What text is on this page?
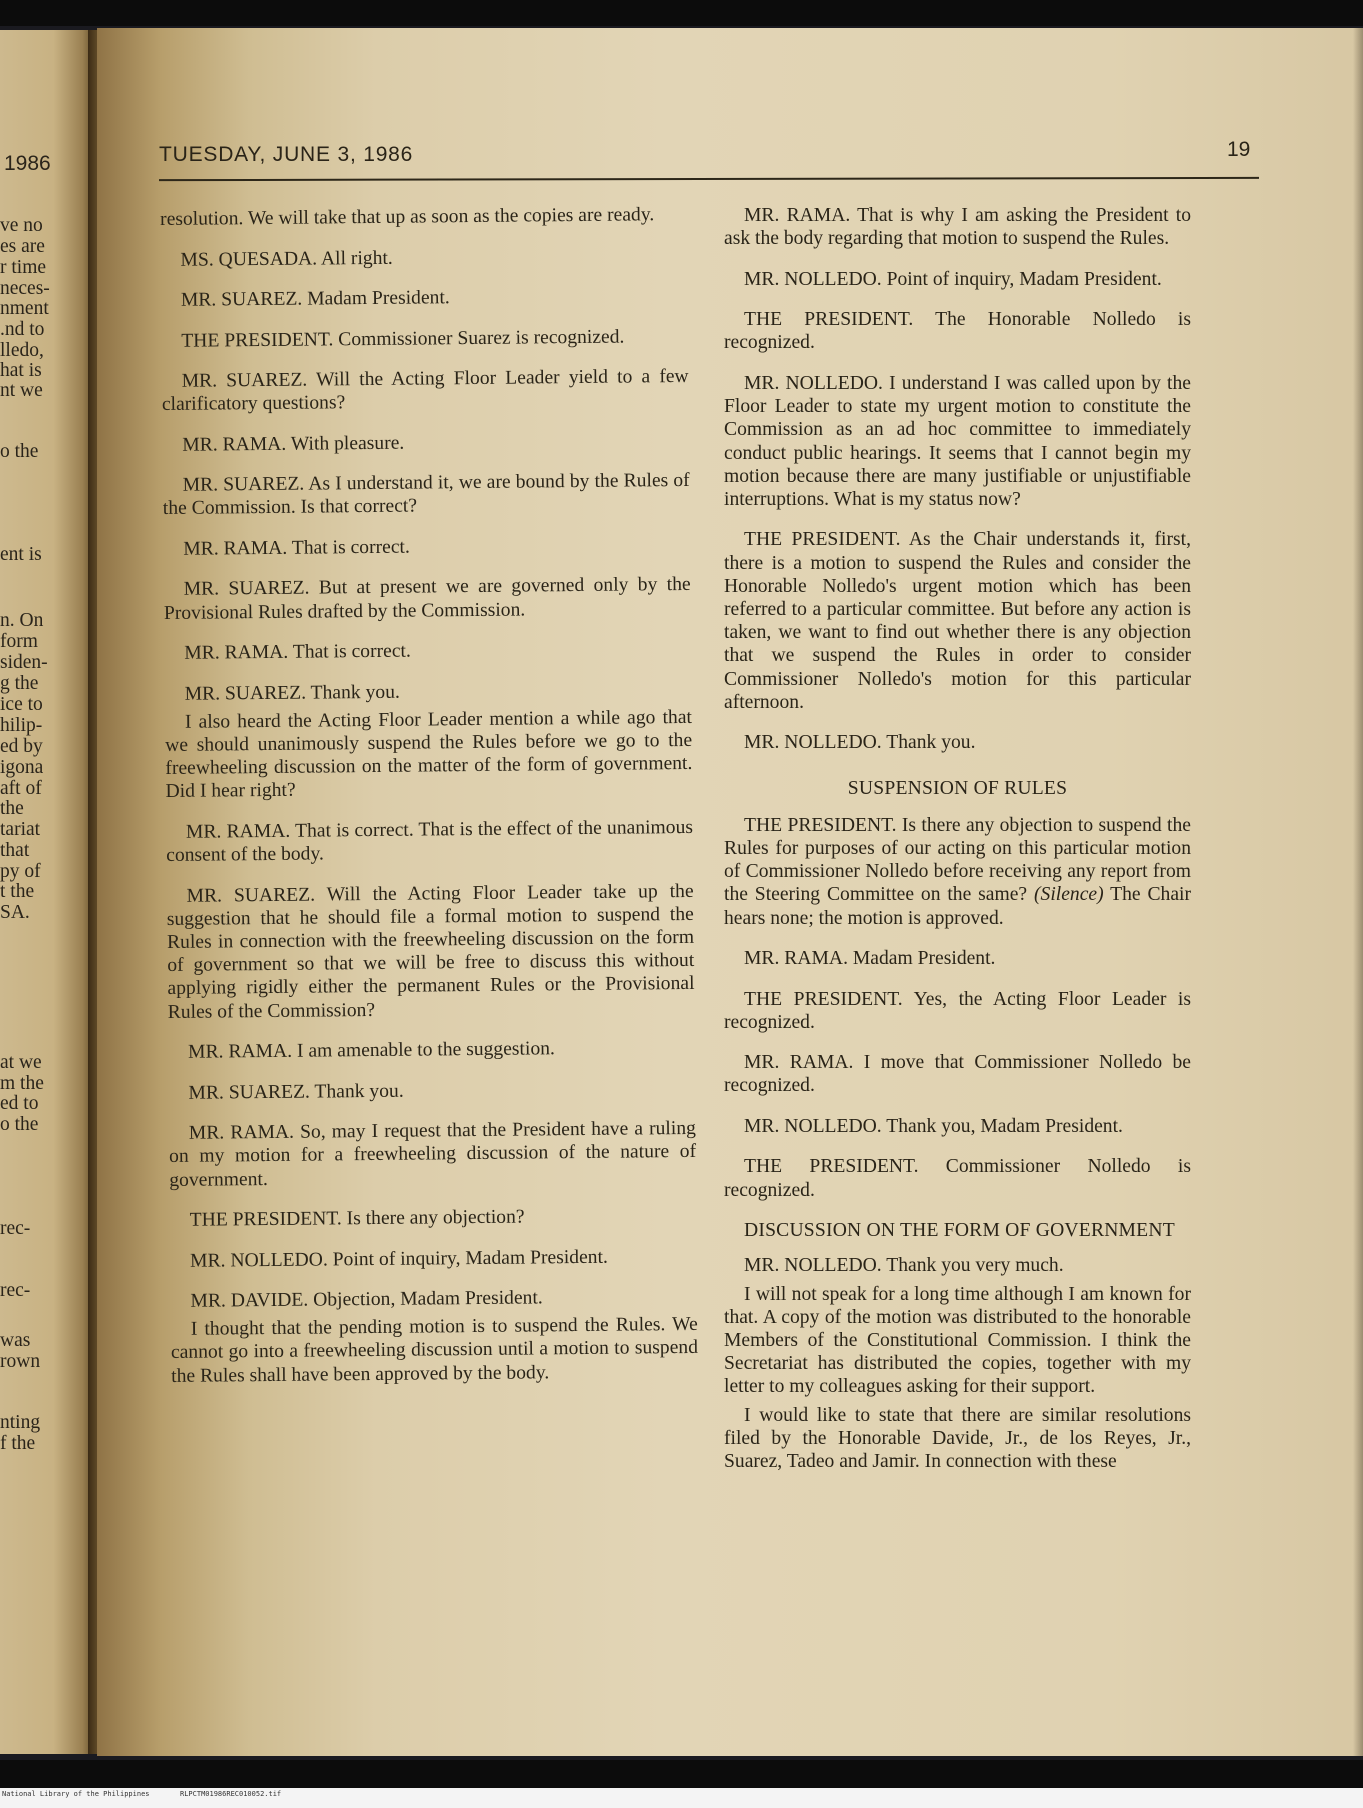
1986
ve no
es are
r time
neces-
nment
.nd to
lledo,
hat is
nt we
o the
ent is
n. On
form
siden-
g the
ice to
hilip-
ed by
igona
aft of
the
tariat
that
py of
t the
SA.
at we
m the
ed to
o the
rec-
rec-
was
rown
nting
f the
TUESDAY, JUNE 3, 1986	19

resolution. We will take that up as soon as the copies are ready.

MS. QUESADA. All right.

MR. SUAREZ. Madam President.

THE PRESIDENT. Commissioner Suarez is recognized.

MR. SUAREZ. Will the Acting Floor Leader yield to a few clarificatory questions?

MR. RAMA. With pleasure.

MR. SUAREZ. As I understand it, we are bound by the Rules of the Commission. Is that correct?

MR. RAMA. That is correct.

MR. SUAREZ. But at present we are governed only by the Provisional Rules drafted by the Commission.

MR. RAMA. That is correct.

MR. SUAREZ. Thank you.

I also heard the Acting Floor Leader mention a while ago that we should unanimously suspend the Rules before we go to the freewheeling discussion on the matter of the form of government. Did I hear right?

MR. RAMA. That is correct. That is the effect of the unanimous consent of the body.

MR. SUAREZ. Will the Acting Floor Leader take up the suggestion that he should file a formal motion to suspend the Rules in connection with the freewheeling discussion on the form of government so that we will be free to discuss this without applying rigidly either the permanent Rules or the Provisional Rules of the Commission?

MR. RAMA. I am amenable to the suggestion.

MR. SUAREZ. Thank you.

MR. RAMA. So, may I request that the President have a ruling on my motion for a freewheeling discussion of the nature of government.

THE PRESIDENT. Is there any objection?

MR. NOLLEDO. Point of inquiry, Madam President.

MR. DAVIDE. Objection, Madam President.

I thought that the pending motion is to suspend the Rules. We cannot go into a freewheeling discussion until a motion to suspend the Rules shall have been approved by the body.

MR. RAMA. That is why I am asking the President to ask the body regarding that motion to suspend the Rules.

MR. NOLLEDO. Point of inquiry, Madam President.

THE PRESIDENT. The Honorable Nolledo is recognized.

MR. NOLLEDO. I understand I was called upon by the Floor Leader to state my urgent motion to constitute the Commission as an ad hoc committee to immediately conduct public hearings. It seems that I cannot begin my motion because there are many justifiable or unjustifiable interruptions. What is my status now?

THE PRESIDENT. As the Chair understands it, first, there is a motion to suspend the Rules and consider the Honorable Nolledo's urgent motion which has been referred to a particular committee. But before any action is taken, we want to find out whether there is any objection that we suspend the Rules in order to consider Commissioner Nolledo's motion for this particular afternoon.

MR. NOLLEDO. Thank you.

SUSPENSION OF RULES

THE PRESIDENT. Is there any objection to suspend the Rules for purposes of our acting on this particular motion of Commissioner Nolledo before receiving any report from the Steering Committee on the same? (Silence) The Chair hears none; the motion is approved.

MR. RAMA. Madam President.

THE PRESIDENT. Yes, the Acting Floor Leader is recognized.

MR. RAMA. I move that Commissioner Nolledo be recognized.

MR. NOLLEDO. Thank you, Madam President.

THE PRESIDENT. Commissioner Nolledo is recognized.

DISCUSSION ON THE FORM OF GOVERNMENT

MR. NOLLEDO. Thank you very much.

I will not speak for a long time although I am known for that. A copy of the motion was distributed to the honorable Members of the Constitutional Commission. I think the Secretariat has distributed the copies, together with my letter to my colleagues asking for their support.

I would like to state that there are similar resolutions filed by the Honorable Davide, Jr., de los Reyes, Jr., Suarez, Tadeo and Jamir. In connection with these

National Library of the Philippines	RLPCTM01986REC010052.tif
